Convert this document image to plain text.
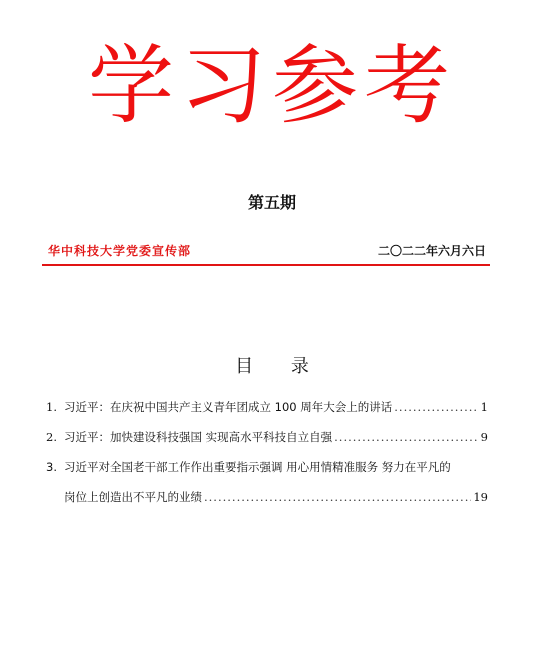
学习参考
第五期
华中科技大学党委宣传部	二〇二二年六月六日
目 录
1. 习近平：在庆祝中国共产主义青年团成立 100 周年大会上的讲话 .....	1
2. 习近平：加快建设科技强国 实现高水平科技自立自强 .....	9
3. 习近平对全国老干部工作作出重要指示强调 用心用情精准服务 努力在平凡的
岗位上创造出不平凡的业绩 .....	19
